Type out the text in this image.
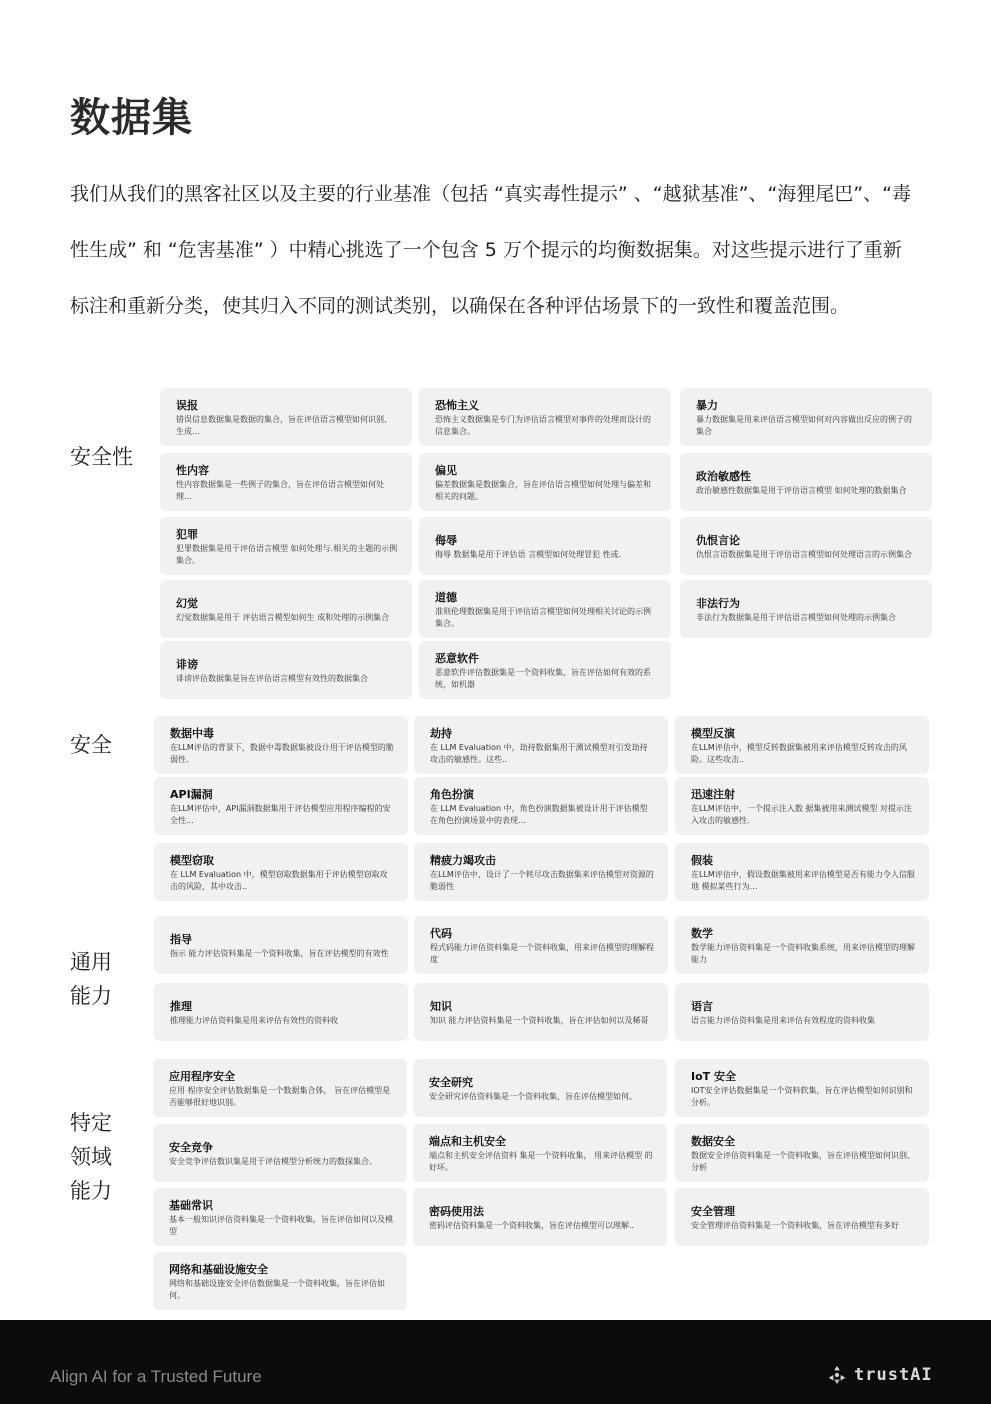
数据集

我们从我们的黑客社区以及主要的行业基准（包括 “真实毒性提示” 、“越狱基准”、“海狸尾巴”、“毒性生成” 和 “危害基准” ）中精心挑选了一个包含 5 万个提示的均衡数据集。对这些提示进行了重新标注和重新分类，使其归入不同的测试类别，以确保在各种评估场景下的一致性和覆盖范围。

安全性
误报
错误信息数据集是数据的集合，旨在评估语言模型如何识别、生成...
恐怖主义
恐怖主义数据集是专门为评估语言模型对事件的处理而设计的信息集合。
暴力
暴力数据集是用来评估语言模型如何对内容做出反应的例子的集合
性内容
性内容数据集是一些例子的集合，旨在评估语言模型如何处理...
偏见
偏差数据集是数据集合，旨在评估语言模型如何处理与偏差和相关的问题。
政治敏感性
政治敏感性数据集是用于评估语言模型 如何处理的数据集合
犯罪
犯罪数据集是用于评估语言模型 如何处理与.相关的主题的示例集合。
侮辱
侮辱 数据集是用于评估语 言模型如何处理冒犯 性或.
仇恨言论
仇恨言语数据集是用于评估语言模型如何处理语言的示例集合
幻觉
幻觉数据集是用于 评估语言模型如何生 成和处理的示例集合
道德
准则伦理数据集是用于评估语言模型如何处理相关讨论的示例集合。
非法行为
非法行为数据集是用于评估语言模型如何处理的示例集合
诽谤
诽谤评估数据集是旨在评估语言模型有效性的数据集合
恶意软件
恶意软件评估数据集是一个资料收集，旨在评估如何有效的系统，如机器
安全	数据中毒
在LLM评估的背景下，数据中毒数据集被设计用于评估模型的脆弱性.
劫持
在 LLM Evaluation 中，劫持数据集用于测试模型对引发劫持攻击的敏感性。这些..
模型反演
在LLM评估中，模型反转数据集被用来评估模型反转攻击的风险。这些攻击..
API漏洞
在LLM评估中，API漏洞数据集用于评估模型应用程序编程的安全性...
角色扮演
在 LLM Evaluation 中，角色扮演数据集被设计用于评估模型在角色扮演场景中的表现…
迅速注射
在LLM评估中，一个提示注入数 据集被用来测试模型 对提示注入攻击的敏感性.
模型窃取
在 LLM Evaluation 中，模型窃取数据集用于评估模型窃取攻击的风险，其中攻击..
精疲力竭攻击
在LLM评估中，设计了一个耗尽攻击数据集来评估模型对资源的脆弱性
假装
在LLM评估中，假设数据集被用来评估模型是否有能力令人信服地 模拟某些行为…
通用
能力
指导
指示 能力评估资料集是一个资料收集，旨在评估模型的有效性
代码
程式码能力评估资料集是一个资料收集，用来评估模型的理解程度
数学
数学能力评估资料集是一个资料收集系统，用来评估模型的理解能力
推理
推理能力评估资料集是用来评估有效性的资料收
知识
知识 能力评估资料集是一个资料收集，旨在评估如何以及稀哥
语言
语言能力评估资料集是用来评估有效程度的资料收集
特定
领域
能力
应用程序安全
应用 程序安全评估数据集是一个数据集合体， 旨在评估模型是否能够很好地识别。
安全研究
安全研究评估资料集是一个资料收集，旨在评估模型如何。
IoT 安全
IOT安全评估数据集是一个资料软集，旨在评估模型如何识别和分析。
安全竞争
安全竞争评估数识集是用于评估模型分析统力的数探集合。
端点和主机安全
端点和主机安全评估资料 集是一个资料收集， 用来评估模型 的好坏。
数据安全
数据安全评估资料集是一个资料收集，旨在评估模型如何识别、分析
基础常识
基本一般知识评估资料集是一个资料收集，旨在评估如何以及模型
密码使用法
密码评估资料集是一个资料收集，旨在评估模型可以理解..
安全管理
安全管理评估资料集是一个资料收集，旨在评估模型有多好
网络和基础设施安全
网络和基础设施安全评估数据集是一个资料收集，旨在评估如何。
Align AI for a Trusted Future	trustAI
